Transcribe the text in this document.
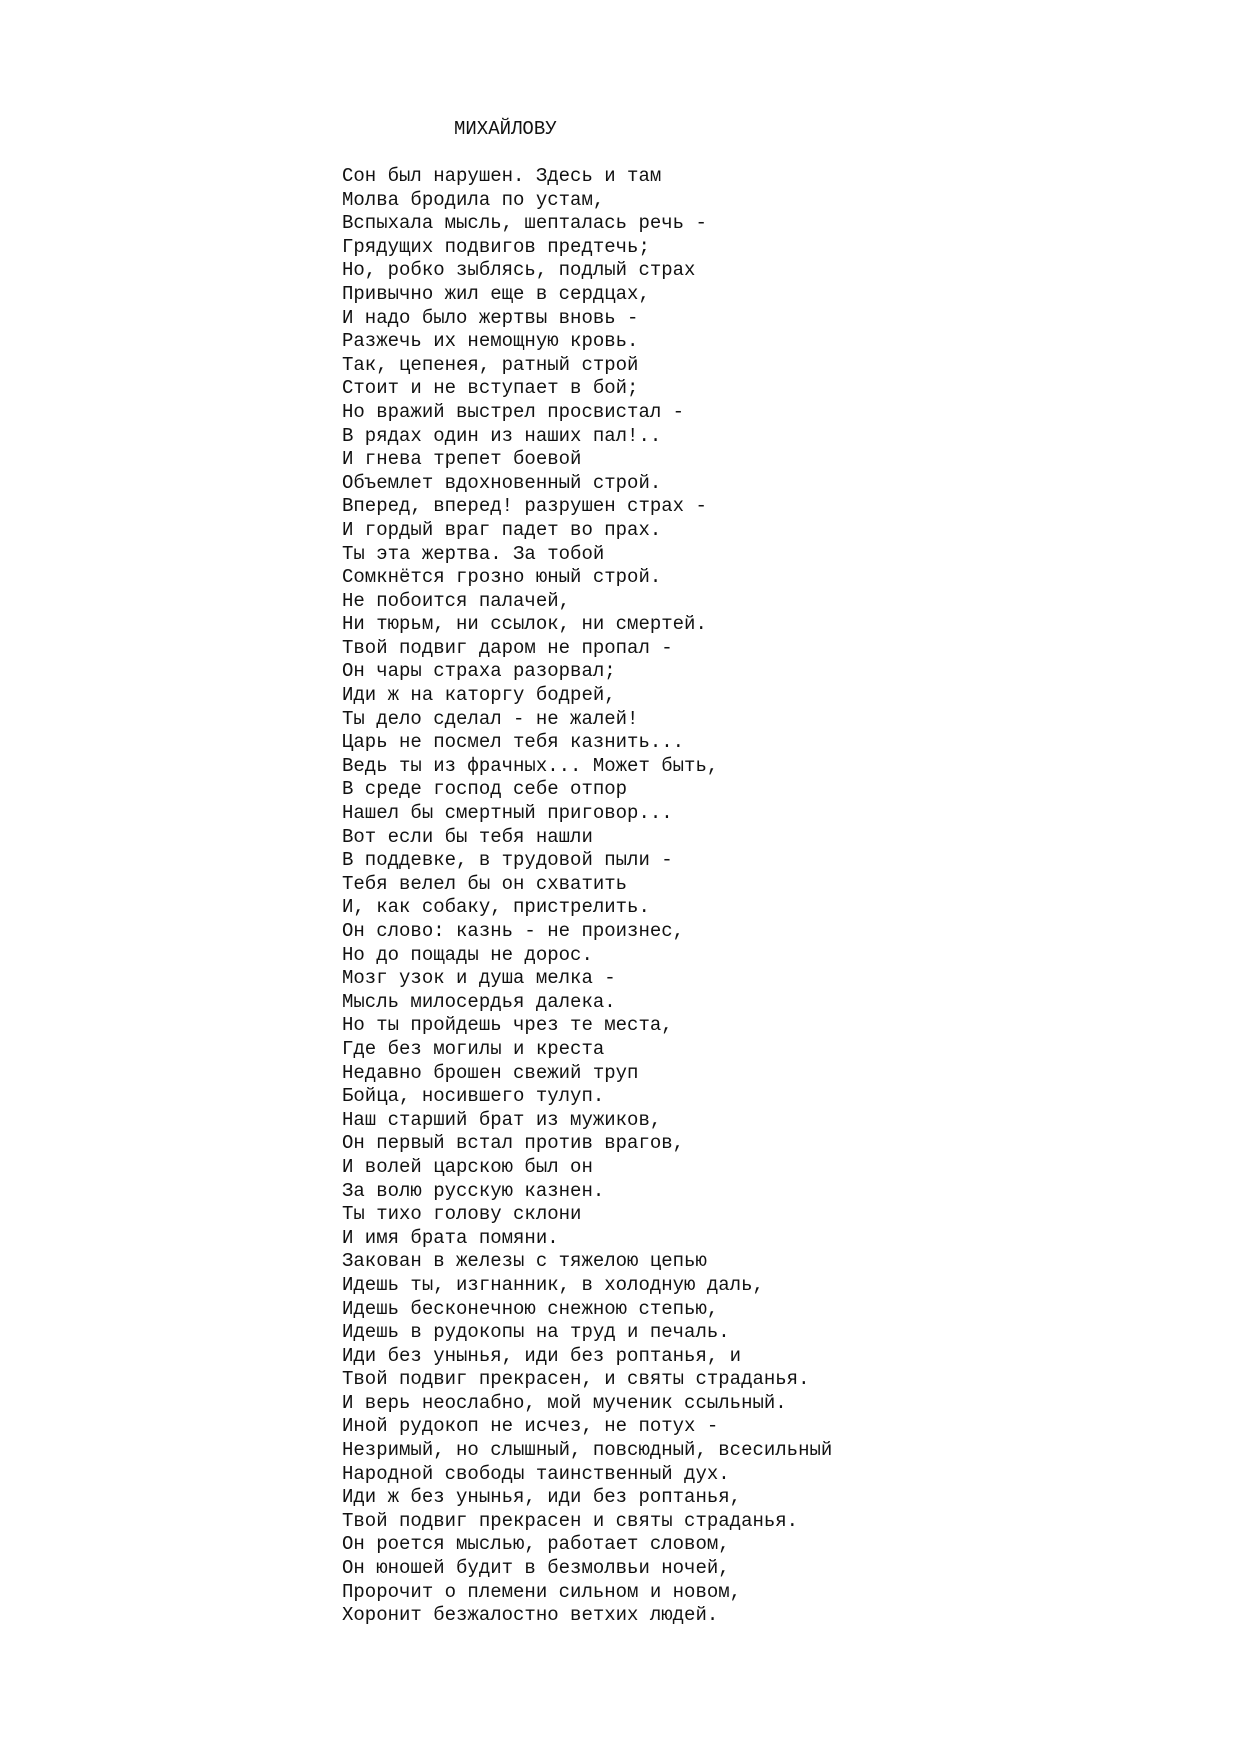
МИХАЙЛОВУ
Сон был нарушен. Здесь и там
Молва бродила по устам,
Вспыхала мысль, шепталась речь -
Грядущих подвигов предтечь;
Но, робко зыблясь, подлый страх
Привычно жил еще в сердцах,
И надо было жертвы вновь -
Разжечь их немощную кровь.
Так, цепенея, ратный строй
Стоит и не вступает в бой;
Но вражий выстрел просвистал -
В рядах один из наших пал!..
И гнева трепет боевой
Объемлет вдохновенный строй.
Вперед, вперед! разрушен страх -
И гордый враг падет во прах.
Ты эта жертва. За тобой
Сомкнётся грозно юный строй.
Не побоится палачей,
Ни тюрьм, ни ссылок, ни смертей.
Твой подвиг даром не пропал -
Он чары страха разорвал;
Иди ж на каторгу бодрей,
Ты дело сделал - не жалей!
Царь не посмел тебя казнить...
Ведь ты из фрачных... Может быть,
В среде господ себе отпор
Нашел бы смертный приговор...
Вот если бы тебя нашли
В поддевке, в трудовой пыли -
Тебя велел бы он схватить
И, как собаку, пристрелить.
Он слово: казнь - не произнес,
Но до пощады не дорос.
Мозг узок и душа мелка -
Мысль милосердья далека.
Но ты пройдешь чрез те места,
Где без могилы и креста
Недавно брошен свежий труп
Бойца, носившего тулуп.
Наш старший брат из мужиков,
Он первый встал против врагов,
И волей царскою был он
За волю русскую казнен.
Ты тихо голову склони
И имя брата помяни.
Закован в железы с тяжелою цепью
Идешь ты, изгнанник, в холодную даль,
Идешь бесконечною снежною степью,
Идешь в рудокопы на труд и печаль.
Иди без унынья, иди без роптанья, и
Твой подвиг прекрасен, и святы страданья.
И верь неослабно, мой мученик ссыльный.
Иной рудокоп не исчез, не потух -
Незримый, но слышный, повсюдный, всесильный
Народной свободы таинственный дух.
Иди ж без унынья, иди без роптанья,
Твой подвиг прекрасен и святы страданья.
Он роется мыслью, работает словом,
Он юношей будит в безмолвьи ночей,
Пророчит о племени сильном и новом,
Хоронит безжалостно ветхих людей.
